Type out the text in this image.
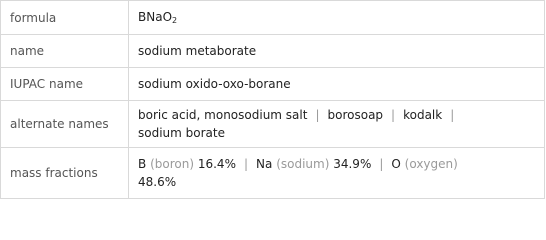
formula	BNaO$_2$
name	sodium metaborate
IUPAC name	sodium oxido-oxo-borane
alternate names	boric acid, monosodium salt | borosoap | kodalk |
sodium borate
mass fractions	B (boron) 16.4% | Na (sodium) 34.9% | O (oxygen)
48.6%
